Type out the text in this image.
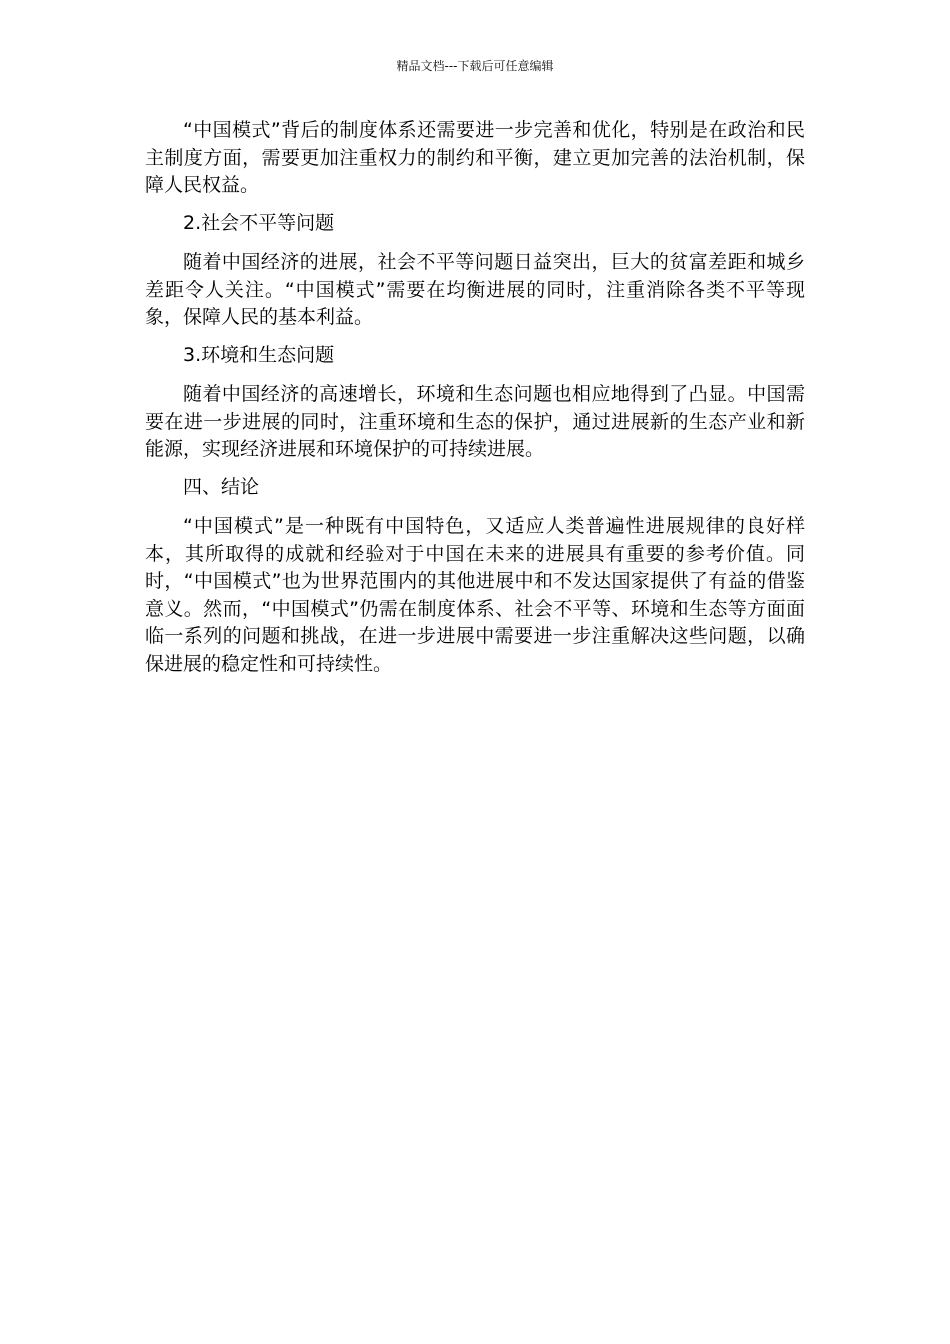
精品文档---下载后可任意编辑

“中国模式”背后的制度体系还需要进一步完善和优化，特别是在政治和民主制度方面，需要更加注重权力的制约和平衡，建立更加完善的法治机制，保障人民权益。

2.社会不平等问题

随着中国经济的进展，社会不平等问题日益突出，巨大的贫富差距和城乡差距令人关注。“中国模式”需要在均衡进展的同时，注重消除各类不平等现象，保障人民的基本利益。

3.环境和生态问题

随着中国经济的高速增长，环境和生态问题也相应地得到了凸显。中国需要在进一步进展的同时，注重环境和生态的保护，通过进展新的生态产业和新能源，实现经济进展和环境保护的可持续进展。

四、结论

“中国模式”是一种既有中国特色，又适应人类普遍性进展规律的良好样本，其所取得的成就和经验对于中国在未来的进展具有重要的参考价值。同时，“中国模式”也为世界范围内的其他进展中和不发达国家提供了有益的借鉴意义。然而，“中国模式”仍需在制度体系、社会不平等、环境和生态等方面面临一系列的问题和挑战，在进一步进展中需要进一步注重解决这些问题，以确保进展的稳定性和可持续性。
